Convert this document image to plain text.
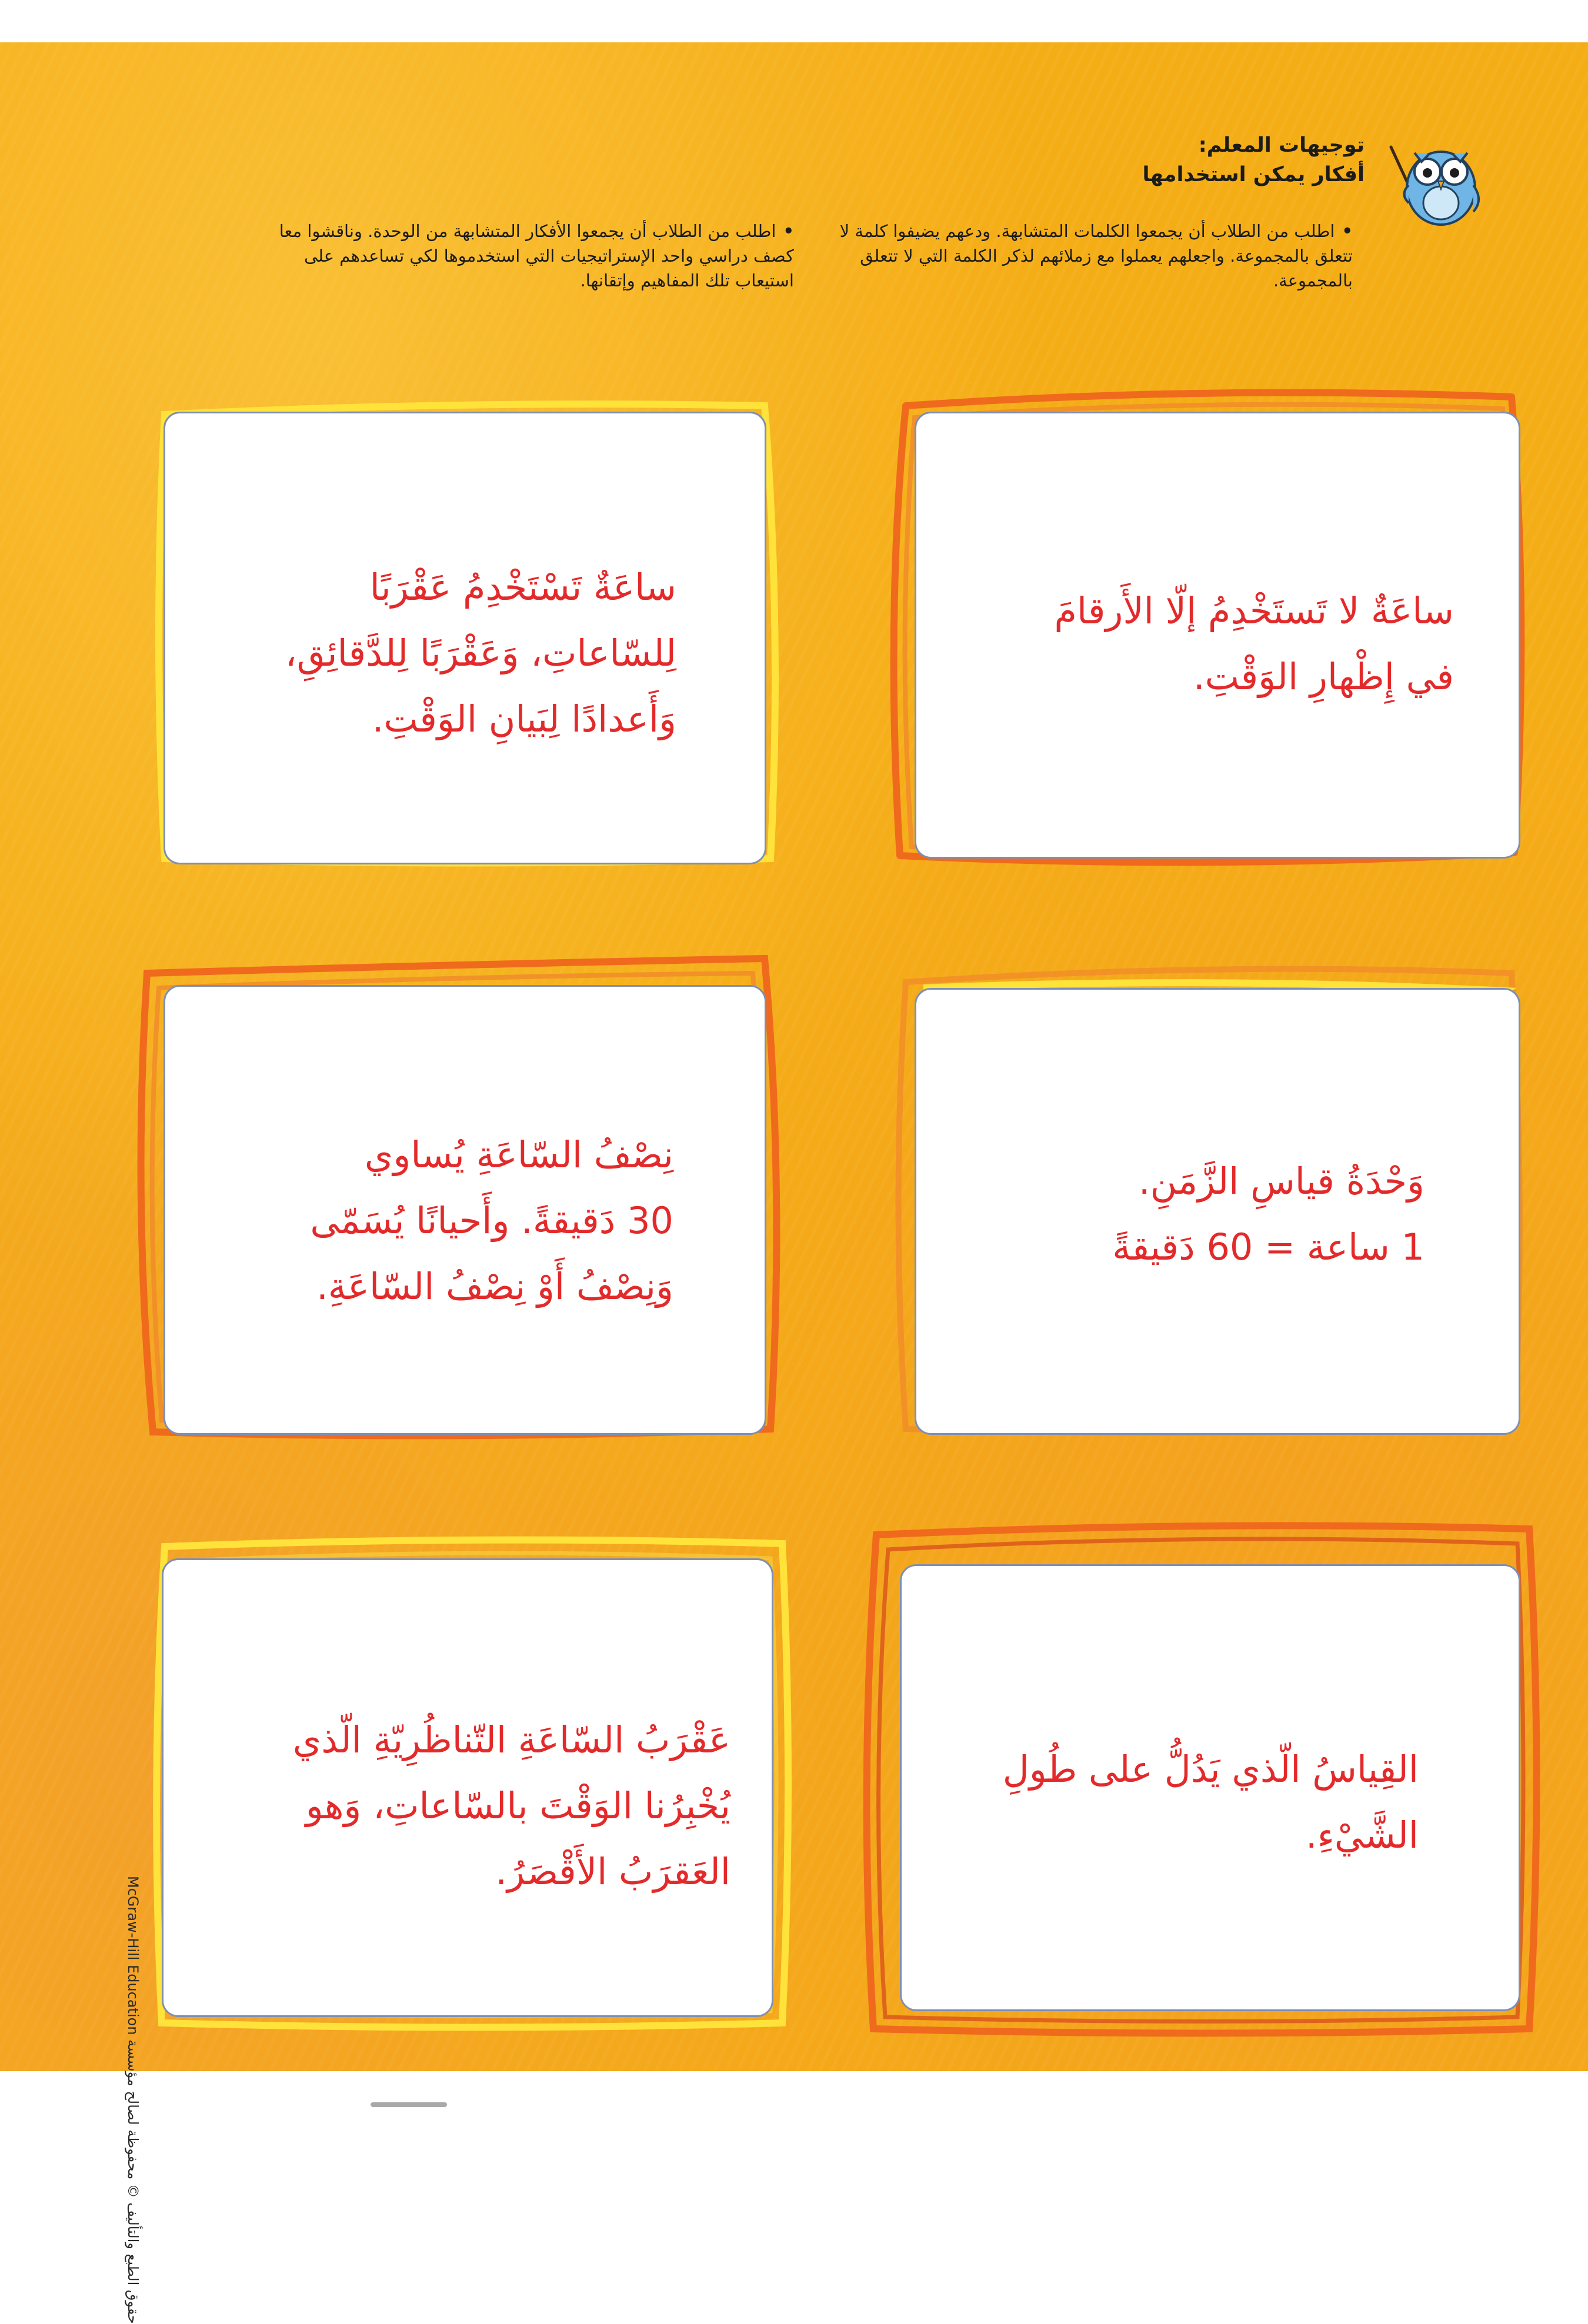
توجيهات المعلم:
أفكار يمكن استخدامها
•اطلب من الطلاب أن يجمعوا الكلمات المتشابهة. ودعهم يضيفوا كلمة لا تتعلق بالمجموعة. واجعلهم يعملوا مع زملائهم لذكر الكلمة التي لا تتعلق بالمجموعة.
•اطلب من الطلاب أن يجمعوا الأفكار المتشابهة من الوحدة. وناقشوا معا كصف دراسي واحد الإستراتيجيات التي استخدموها لكي تساعدهم على استيعاب تلك المفاهيم وإتقانها.
ساعَةٌ لا تَستَخْدِمُ إلّا الأَرقامَ
في إِظْهارِ الوَقْتِ.
ساعَةٌ تَسْتَخْدِمُ عَقْرَبًا
لِلسّاعاتِ، وَعَقْرَبًا لِلدَّقائِقِ،
وَأَعدادًا لِبَيانِ الوَقْتِ.
وَحْدَةُ قياسِ الزَّمَنِ.
1 ساعة = 60 دَقيقةً
نِصْفُ السّاعَةِ يُساوي
30 دَقيقةً. وأَحيانًا يُسَمّى
وَنِصْفُ أَوْ نِصْفُ السّاعَةِ.
القِياسُ الّذي يَدُلُّ على طُولِ
الشَّيْءِ.
عَقْرَبُ السّاعَةِ التّناظُرِيّةِ الّذي
يُخْبِرُنا الوَقْتَ بالسّاعاتِ، وَهو
العَقرَبُ الأَقْصَرُ.
McGraw-Hill Education حقوق الطبع والتأليف © محفوظة لصالح مؤسسة
